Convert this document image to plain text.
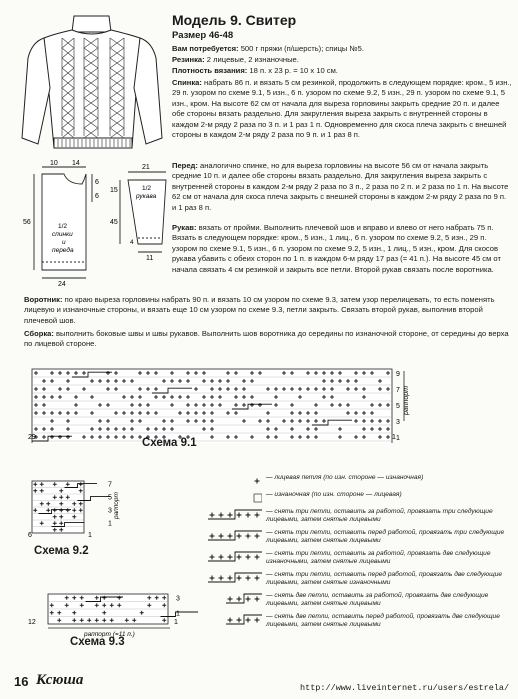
Модель 9. Свитер
Размер 46-48

Вам потребуется: 500 г пряжи (п/шерсть); спицы №5.

Резинка: 2 лицевые, 2 изнаночные.

Плотность вязания: 18 п. х 23 р. = 10 х 10 см.

Спинка: набрать 86 п. и вязать 5 см резинкой, продолжить в следующем порядке: кром., 5 изн., 29 п. узором по схеме 9.1, 5 изн., 6 п. узором по схеме 9.2, 5 изн., 29 п. узором по схеме 9.1, 5 изн., кром. На высоте 62 см от начала для выреза горловины закрыть средние 20 п. и далее обе стороны вязать раздельно. Для закругления выреза закрыть с внутренней стороны в каждом 2-м ряду 2 раза по 3 п. и 1 раз 1 п. Одновременно для скоса плеча закрыть с внешней стороны в каждом 2-м ряду 2 раза по 9 п. и 1 раз 8 п.

Перед: аналогично спинке, но для выреза горловины на высоте 56 см от начала закрыть средние 10 п. и далее обе стороны вязать раздельно. Для закругления выреза закрыть с внутренней стороны в каждом 2-м ряду 2 раза по 3 п., 2 раза по 2 п. и 2 раза по 1 п. На высоте 62 см от начала для скоса плеча закрыть с внешней стороны в каждом 2-м ряду 2 раза по 9 п. и 1 раз 8 п.

Рукав: вязать от пройми. Выполнить плечевой шов и вправо и влево от него набрать 75 п. Вязать в следующем порядке: кром., 5 изн., 1 лиц., 6 п. узором по схеме 9.2, 5 изн., 29 п. узором по схеме 9.1, 5 изн., 6 п. узором по схеме 9.2, 5 изн., 1 лиц., 5 изн., кром. Для скосов рукава убавить с обеих сторон по 1 п. в каждом 6-м ряду 17 раз (= 41 п.). На высоте 45 см от начала связать 4 см резинкой и закрыть все петли. Второй рукав связать после воротника.

Воротник: по краю выреза горловины набрать 90 п. и вязать 10 см узором по схеме 9.3, затем узор перелицевать, то есть поменять лицевую и изнаночные стороны, и вязать еще 10 см узором по схеме 9.3, петли закрыть. Связать второй рукав, выполнив второй плечевой шов.

Сборка: выполнить боковые швы и швы рукавов. Выполнить шов воротника до середины по изнаночной стороне, от середины до верха по лицевой стороне.

10 14
6
6
56
24
1/2
спинки
и
переда
21
15
45
4
11
1/2
рукава
29	1
9
7
5
3
1
раппорт
Схема 9.1
6	1
7
5
3
1
раппорт
Схема 9.2
12	1
3
1
раппорт (=11 п.)
Схема 9.3
— лицевая петля (по изн. стороне — изнаночная)
— изнаночная (по изн. стороне — лицевая)
— снять три петли, оставить за работой, провязать три следующие лицевыми, затем снятые лицевыми
— снять три петли, оставить перед работой, провязать три следующие лицевыми, затем снятые лицевыми
— снять три петли, оставить за работой, провязать две следующие изнаночными, затем снятые лицевыми
— снять три петли, оставить перед работой, провязать две следующие лицевыми, затем снятые изнаночными
— снять две петли, оставить за работой, провязать две следующие лицевыми, затем снятые лицевыми
— снять две петли, оставить перед работой, провязать две следующие лицевыми, затем снятые лицевыми
16 Ксюша	http://www.liveinternet.ru/users/estrela/
